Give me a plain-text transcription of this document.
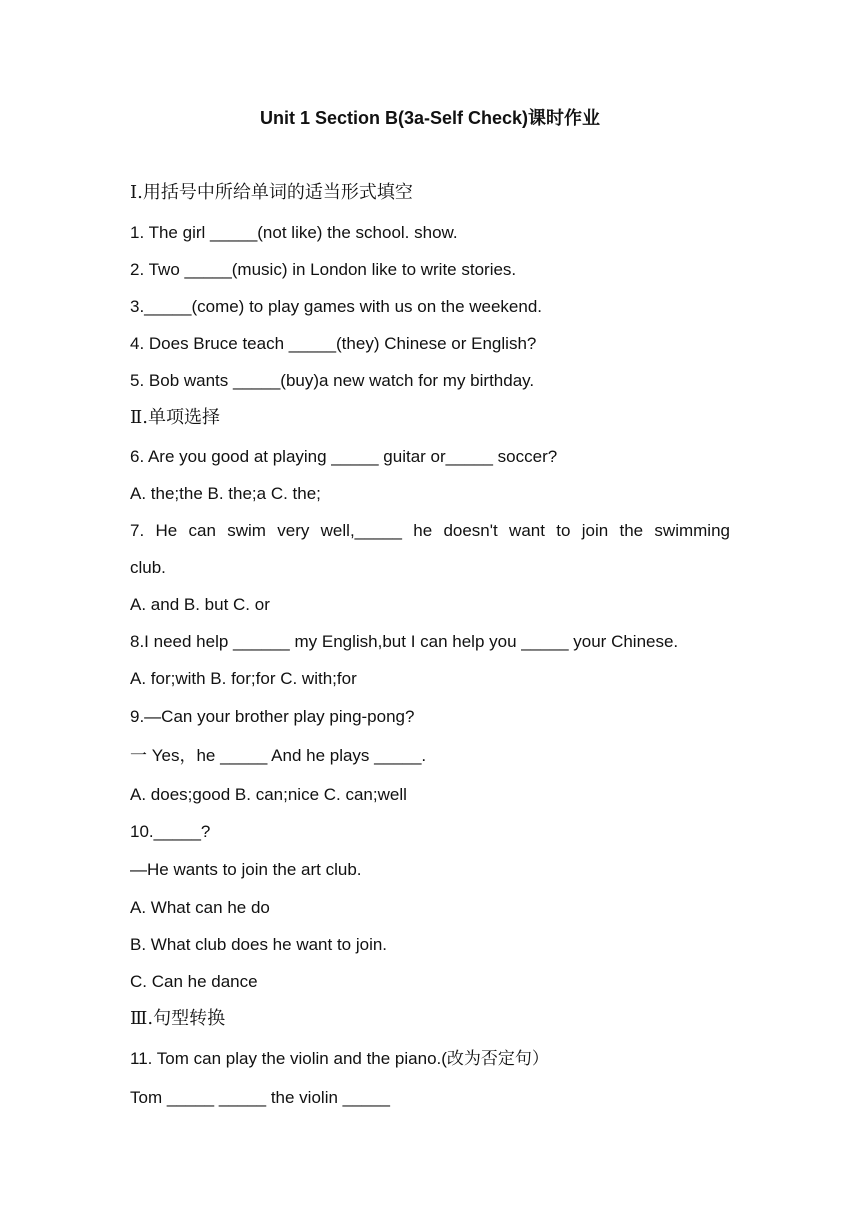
Unit 1 Section B(3a-Self Check)课时作业
Ⅰ.用括号中所给单词的适当形式填空
1. The girl _____(not like) the school. show.
2. Two _____(music) in London like to write stories.
3._____(come) to play games with us on the weekend.
4. Does Bruce teach _____(they) Chinese or English?
5. Bob wants _____(buy)a new watch for my birthday.
Ⅱ.单项选择
6. Are you good at playing _____ guitar or_____ soccer?
A. the;the B. the;a C. the;
7. He can swim very well,_____ he doesn't want to join the swimming
club.
A. and B. but C. or
8.I need help ______ my English,but I can help you _____ your Chinese.
A. for;with B. for;for C. with;for
9.—Can your brother play ping-pong?
一 Yes，he _____ And he plays _____.
A. does;good B. can;nice C. can;well
10._____?
—He wants to join the art club.
A. What can he do
B. What club does he want to join.
C. Can he dance
Ⅲ.句型转换
11. Tom can play the violin and the piano.(改为否定句）
Tom _____ _____ the violin _____
